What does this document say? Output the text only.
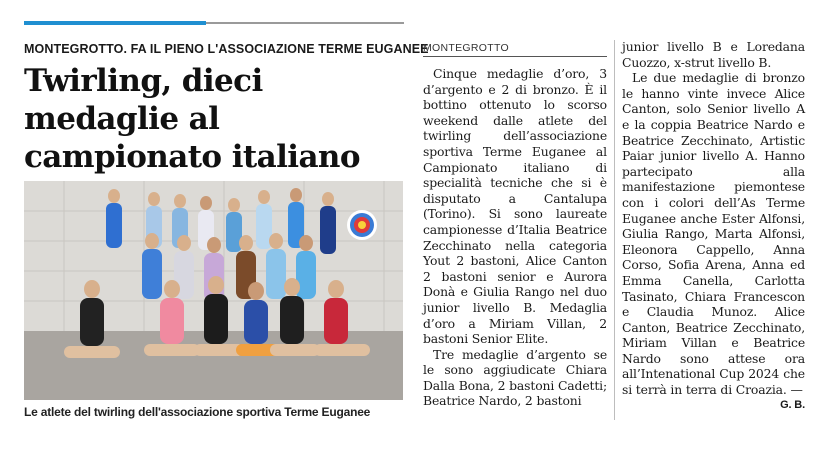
MONTEGROTTO. FA IL PIENO L'ASSOCIAZIONE TERME EUGANEE
Twirling, dieci medaglie al campionato italiano
Le atlete del twirling dell'associazione sportiva Terme Euganee
MONTEGROTTO

Cinque medaglie d’oro, 3 d’argento e 2 di bronzo. È il bottino ottenuto lo scorso weekend dalle atlete del twirling dell’associazione sportiva Terme Euganee al Campionato italiano di specialità tecniche che si è disputato a Cantalupa (Torino). Si sono laureate campionesse d’Italia Beatrice Zecchinato nella categoria Yout 2 bastoni, Alice Canton 2 bastoni senior e Aurora Donà e Giulia Rango nel duo junior livello B. Medaglia d’oro a Miriam Villan, 2 bastoni Senior Elite.

Tre medaglie d’argento se le sono aggiudicate Chiara Dalla Bona, 2 bastoni Cadetti; Beatrice Nardo, 2 bastoni

junior livello B e Loredana Cuozzo, x-strut livello B.

Le due medaglie di bronzo le hanno vinte invece Alice Canton, solo Senior livello A e la coppia Beatrice Nardo e Beatrice Zecchinato, Artistic Paiar junior livello A. Hanno partecipato alla manifestazione piemontese con i colori dell’As Terme Euganee anche Ester Alfonsi, Giulia Rango, Marta Alfonsi, Eleonora Cappello, Anna Corso, Sofia Arena, Anna ed Emma Canella, Carlotta Tasinato, Chiara Francescon e Claudia Munoz. Alice Canton, Beatrice Zecchinato, Miriam Villan e Beatrice Nardo sono attese ora all’Intenational Cup 2024 che si terrà in terra di Croazia. —

G. B.
